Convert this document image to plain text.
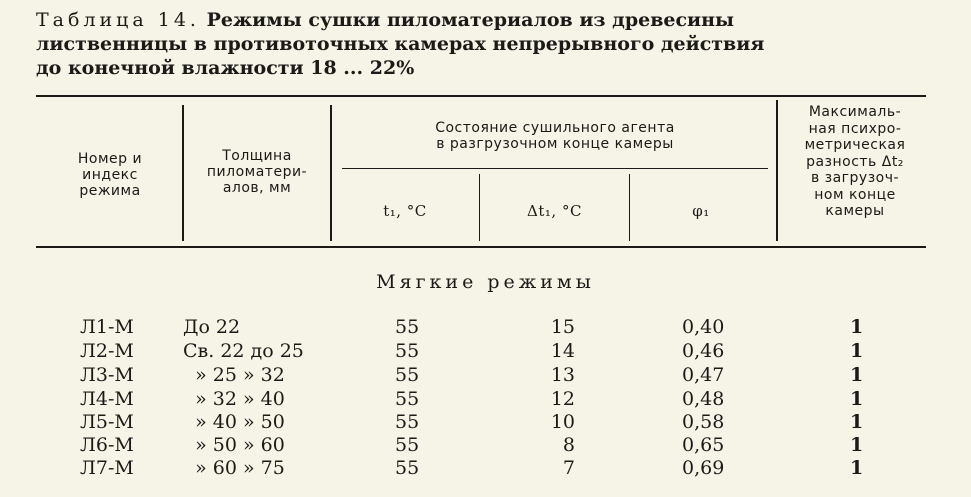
Таблица 14. Режимы сушки пиломатериалов из древесины
лиственницы в противоточных камерах непрерывного действия
до конечной влажности 18 ... 22%
Номер и
индекс
режима
Толщина
пиломатери-
алов, мм
Состояние сушильного агента
в разгрузочном конце камеры
t₁, °C	Δt₁, °C	φ₁
Максималь-
ная психро-
метрическая
разность Δt₂
в загрузоч-
ном конце
камеры
Мягкие режимы
Л1-М	До 22	55	15	0,40	1
Л2-М	Св. 22 до 25	55	14	0,46	1
Л3-М	» 25 » 32	55	13	0,47	1
Л4-М	» 32 » 40	55	12	0,48	1
Л5-М	» 40 » 50	55	10	0,58	1
Л6-М	» 50 » 60	55	8	0,65	1
Л7-М	» 60 » 75	55	7	0,69	1
